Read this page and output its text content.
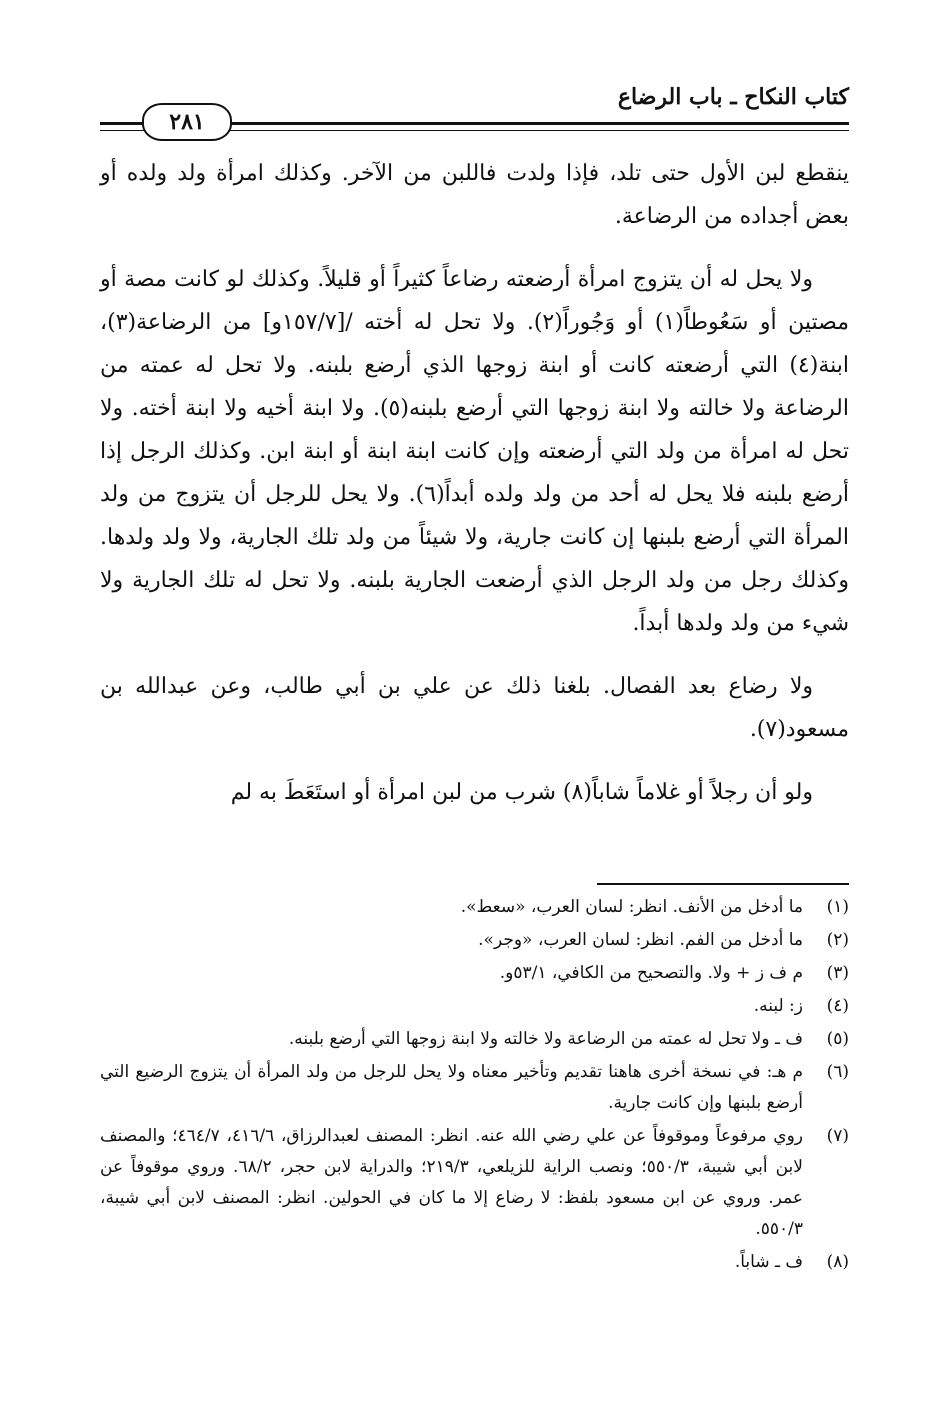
كتاب النكاح ـ باب الرضاع
٢٨١

ينقطع لبن الأول حتى تلد، فإذا ولدت فاللبن من الآخر. وكذلك امرأة ولد ولده أو بعض أجداده من الرضاعة.

ولا يحل له أن يتزوج امرأة أرضعته رضاعاً كثيراً أو قليلاً. وكذلك لو كانت مصة أو مصتين أو سَعُوطاً(١) أو وَجُوراً(٢). ولا تحل له أخته /[١٥٧/٧و] من الرضاعة(٣)، ابنة(٤) التي أرضعته كانت أو ابنة زوجها الذي أرضع بلبنه. ولا تحل له عمته من الرضاعة ولا خالته ولا ابنة زوجها التي أرضع بلبنه(٥). ولا ابنة أخيه ولا ابنة أخته. ولا تحل له امرأة من ولد التي أرضعته وإن كانت ابنة ابنة أو ابنة ابن. وكذلك الرجل إذا أرضع بلبنه فلا يحل له أحد من ولد ولده أبداً(٦). ولا يحل للرجل أن يتزوج من ولد المرأة التي أرضع بلبنها إن كانت جارية، ولا شيئاً من ولد تلك الجارية، ولا ولد ولدها. وكذلك رجل من ولد الرجل الذي أرضعت الجارية بلبنه. ولا تحل له تلك الجارية ولا شيء من ولد ولدها أبداً.

ولا رضاع بعد الفصال. بلغنا ذلك عن علي بن أبي طالب، وعن عبدالله بن مسعود(٧).

ولو أن رجلاً أو غلاماً شاباً(٨) شرب من لبن امرأة أو استَعَطَ به لم

(١)
ما أدخل من الأنف. انظر: لسان العرب، «سعط».
(٢)
ما أدخل من الفم. انظر: لسان العرب، «وجر».
(٣)
م ف ز + ولا. والتصحيح من الكافي، ٥٣/١و.
(٤)
ز: لبنه.
(٥)
ف ـ ولا تحل له عمته من الرضاعة ولا خالته ولا ابنة زوجها التي أرضع بلبنه.
(٦)
م هـ: في نسخة أخرى هاهنا تقديم وتأخير معناه ولا يحل للرجل من ولد المرأة أن يتزوج الرضيع التي أرضع بلبنها وإن كانت جارية.
(٧)
روي مرفوعاً وموقوفاً عن علي رضي الله عنه. انظر: المصنف لعبدالرزاق، ٤١٦/٦، ٤٦٤/٧؛ والمصنف لابن أبي شيبة، ٥٥٠/٣؛ ونصب الراية للزيلعي، ٢١٩/٣؛ والدراية لابن حجر، ٦٨/٢. وروي موقوفاً عن عمر. وروي عن ابن مسعود بلفظ: لا رضاع إلا ما كان في الحولين. انظر: المصنف لابن أبي شيبة، ٥٥٠/٣.
(٨)
ف ـ شاباً.
